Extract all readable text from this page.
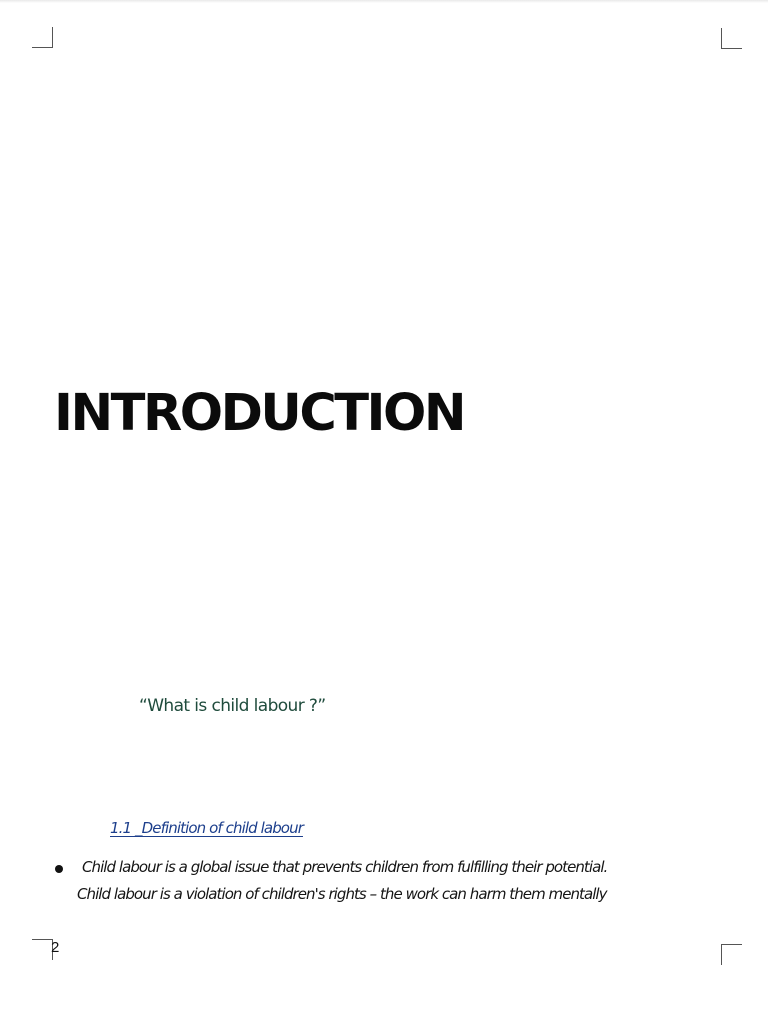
INTRODUCTION

“What is child labour ?”

1.1 _Definition of child labour

Child labour is a global issue that prevents children from fulfilling their potential.

Child labour is a violation of children's rights – the work can harm them mentally

2
